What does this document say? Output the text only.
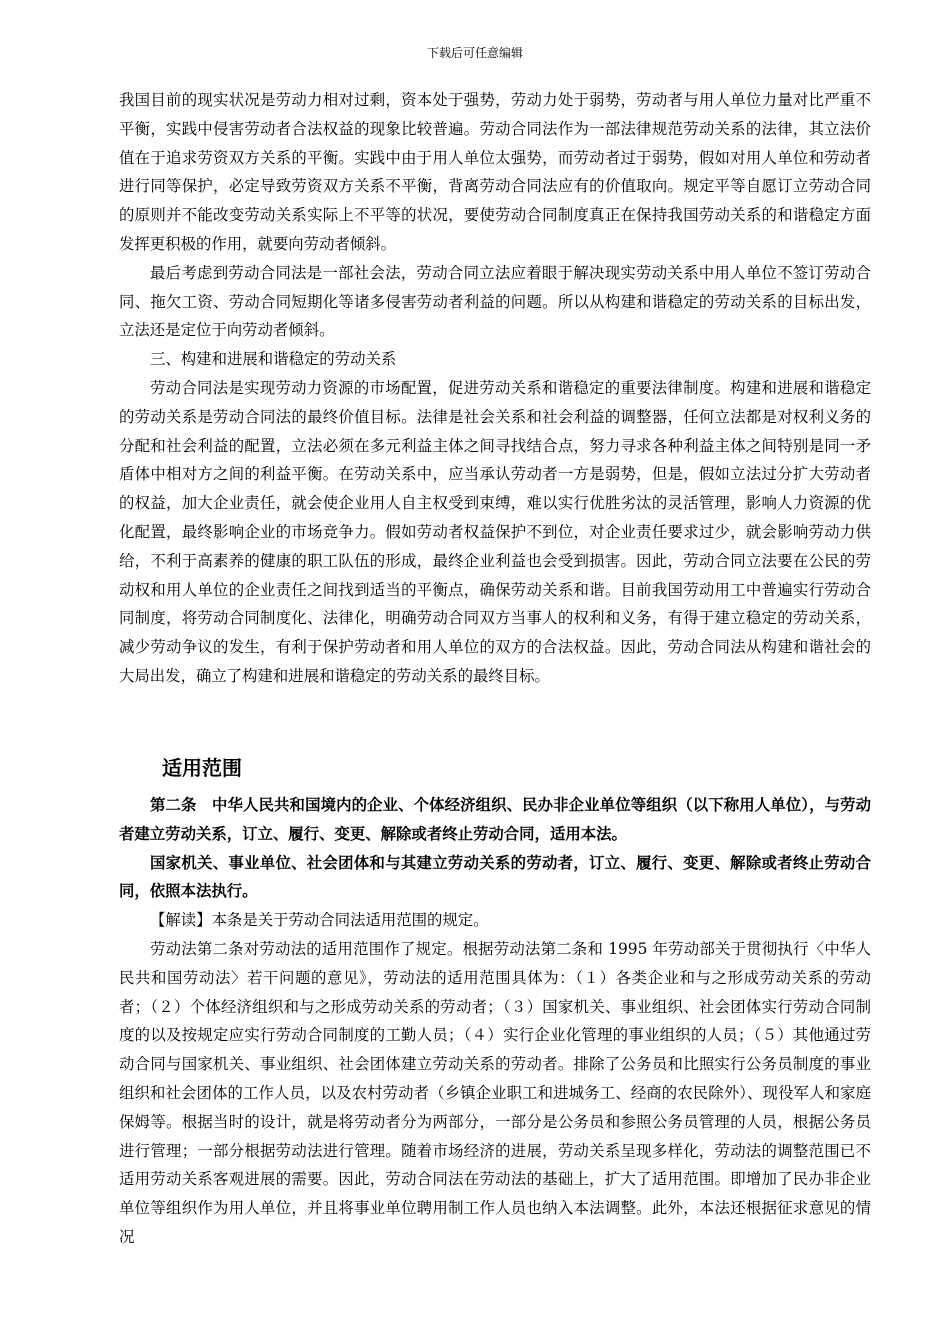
下载后可任意编辑

我国目前的现实状况是劳动力相对过剩，资本处于强势，劳动力处于弱势，劳动者与用人单位力量对比严重不平衡，实践中侵害劳动者合法权益的现象比较普遍。劳动合同法作为一部法律规范劳动关系的法律，其立法价值在于追求劳资双方关系的平衡。实践中由于用人单位太强势，而劳动者过于弱势，假如对用人单位和劳动者进行同等保护，必定导致劳资双方关系不平衡，背离劳动合同法应有的价值取向。规定平等自愿订立劳动合同的原则并不能改变劳动关系实际上不平等的状况，要使劳动合同制度真正在保持我国劳动关系的和谐稳定方面发挥更积极的作用，就要向劳动者倾斜。

最后考虑到劳动合同法是一部社会法，劳动合同立法应着眼于解决现实劳动关系中用人单位不签订劳动合同、拖欠工资、劳动合同短期化等诸多侵害劳动者利益的问题。所以从构建和谐稳定的劳动关系的目标出发，立法还是定位于向劳动者倾斜。

三、构建和进展和谐稳定的劳动关系

劳动合同法是实现劳动力资源的市场配置，促进劳动关系和谐稳定的重要法律制度。构建和进展和谐稳定的劳动关系是劳动合同法的最终价值目标。法律是社会关系和社会利益的调整器，任何立法都是对权利义务的分配和社会利益的配置，立法必须在多元利益主体之间寻找结合点，努力寻求各种利益主体之间特别是同一矛盾体中相对方之间的利益平衡。在劳动关系中，应当承认劳动者一方是弱势，但是，假如立法过分扩大劳动者的权益，加大企业责任，就会使企业用人自主权受到束缚，难以实行优胜劣汰的灵活管理，影响人力资源的优化配置，最终影响企业的市场竞争力。假如劳动者权益保护不到位，对企业责任要求过少，就会影响劳动力供给，不利于高素养的健康的职工队伍的形成，最终企业利益也会受到损害。因此，劳动合同立法要在公民的劳动权和用人单位的企业责任之间找到适当的平衡点，确保劳动关系和谐。目前我国劳动用工中普遍实行劳动合同制度，将劳动合同制度化、法律化，明确劳动合同双方当事人的权利和义务，有得于建立稳定的劳动关系，减少劳动争议的发生，有利于保护劳动者和用人单位的双方的合法权益。因此，劳动合同法从构建和谐社会的大局出发，确立了构建和进展和谐稳定的劳动关系的最终目标。

适用范围

第二条　中华人民共和国境内的企业、个体经济组织、民办非企业单位等组织（以下称用人单位），与劳动者建立劳动关系，订立、履行、变更、解除或者终止劳动合同，适用本法。

国家机关、事业单位、社会团体和与其建立劳动关系的劳动者，订立、履行、变更、解除或者终止劳动合同，依照本法执行。

【解读】本条是关于劳动合同法适用范围的规定。

劳动法第二条对劳动法的适用范围作了规定。根据劳动法第二条和 1995 年劳动部关于贯彻执行〈中华人民共和国劳动法〉若干问题的意见》，劳动法的适用范围具体为：（１）各类企业和与之形成劳动关系的劳动者；（２）个体经济组织和与之形成劳动关系的劳动者；（３）国家机关、事业组织、社会团体实行劳动合同制度的以及按规定应实行劳动合同制度的工勤人员；（４）实行企业化管理的事业组织的人员；（５）其他通过劳动合同与国家机关、事业组织、社会团体建立劳动关系的劳动者。排除了公务员和比照实行公务员制度的事业组织和社会团体的工作人员，以及农村劳动者（乡镇企业职工和进城务工、经商的农民除外）、现役军人和家庭保姆等。根据当时的设计，就是将劳动者分为两部分，一部分是公务员和参照公务员管理的人员，根据公务员进行管理；一部分根据劳动法进行管理。随着市场经济的进展，劳动关系呈现多样化，劳动法的调整范围已不适用劳动关系客观进展的需要。因此，劳动合同法在劳动法的基础上，扩大了适用范围。即增加了民办非企业单位等组织作为用人单位，并且将事业单位聘用制工作人员也纳入本法调整。此外，本法还根据征求意见的情况
